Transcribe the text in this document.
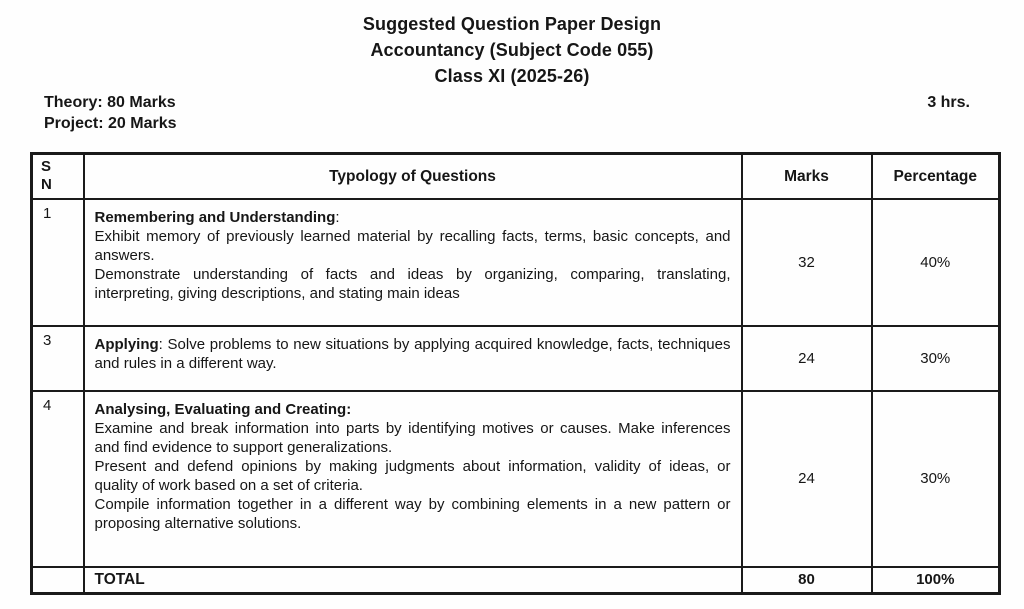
Suggested Question Paper Design
Accountancy (Subject Code 055)
Class XI (2025-26)
Theory: 80 Marks
Project: 20 Marks
3 hrs.
S
N	Typology of Questions	Marks	Percentage
1	Remembering and Understanding:
Exhibit memory of previously learned material by recalling facts, terms, basic concepts, and answers.
Demonstrate understanding of facts and ideas by organizing, comparing, translating, interpreting, giving descriptions, and stating main ideas	32	40%
3	Applying: Solve problems to new situations by applying acquired knowledge, facts, techniques and rules in a different way.	24	30%
4	Analysing, Evaluating and Creating:
Examine and break information into parts by identifying motives or causes. Make inferences and find evidence to support generalizations.
Present and defend opinions by making judgments about information, validity of ideas, or quality of work based on a set of criteria.
Compile information together in a different way by combining elements in a new pattern or proposing alternative solutions.	24	30%
	TOTAL	80	100%
